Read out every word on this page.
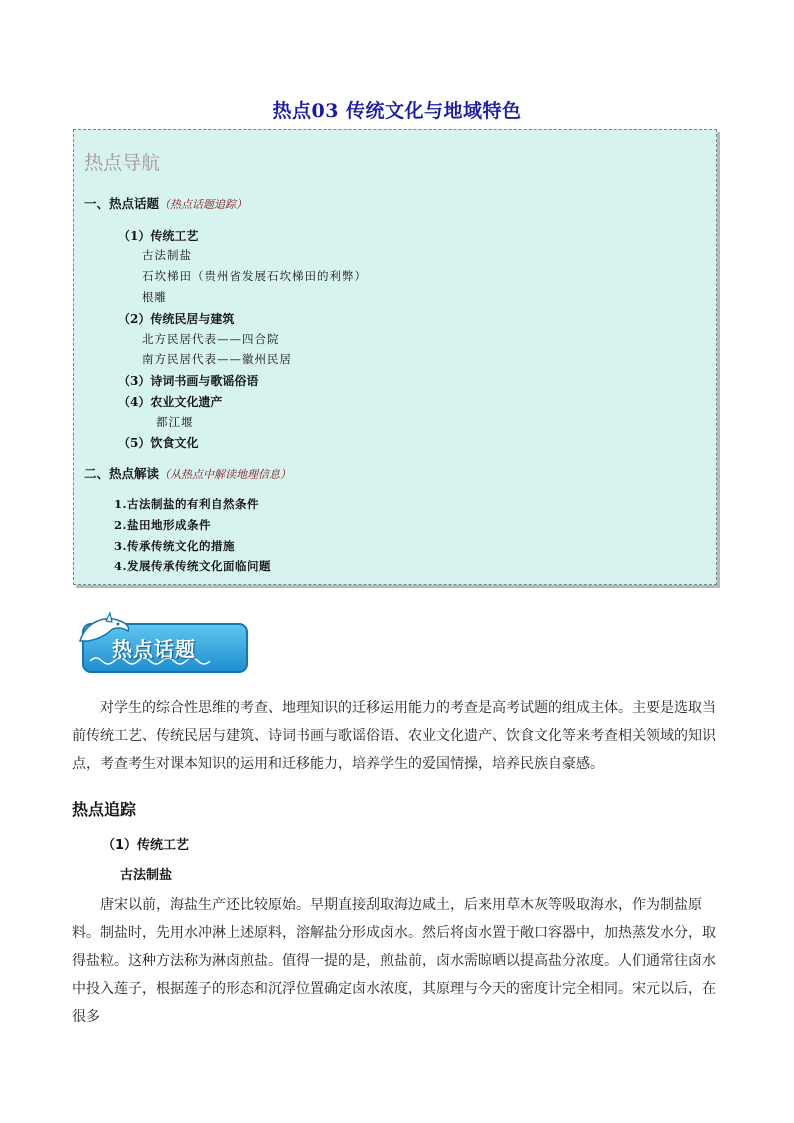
热点03 传统文化与地域特色
热点导航
一、热点话题（热点话题追踪）
（1）传统工艺
古法制盐
石坎梯田（贵州省发展石坎梯田的利弊）
根雕
（2）传统民居与建筑
北方民居代表——四合院
南方民居代表——徽州民居
（3）诗词书画与歌谣俗语
（4）农业文化遗产
都江堰
（5）饮食文化
二、热点解读（从热点中解读地理信息）
1.古法制盐的有利自然条件
2.盐田地形成条件
3.传承传统文化的措施
4.发展传承传统文化面临问题
热点话题
对学生的综合性思维的考查、地理知识的迁移运用能力的考查是高考试题的组成主体。主要是选取当前传统工艺、传统民居与建筑、诗词书画与歌谣俗语、农业文化遗产、饮食文化等来考查相关领域的知识点，考查考生对课本知识的运用和迁移能力，培养学生的爱国情操，培养民族自豪感。
热点追踪
（1）传统工艺
古法制盐
唐宋以前，海盐生产还比较原始。早期直接刮取海边咸土，后来用草木灰等吸取海水，作为制盐原料。制盐时，先用水冲淋上述原料，溶解盐分形成卤水。然后将卤水置于敞口容器中，加热蒸发水分，取得盐粒。这种方法称为淋卤煎盐。值得一提的是，煎盐前，卤水需晾晒以提高盐分浓度。人们通常往卤水中投入莲子，根据莲子的形态和沉浮位置确定卤水浓度，其原理与今天的密度计完全相同。宋元以后，在很多
